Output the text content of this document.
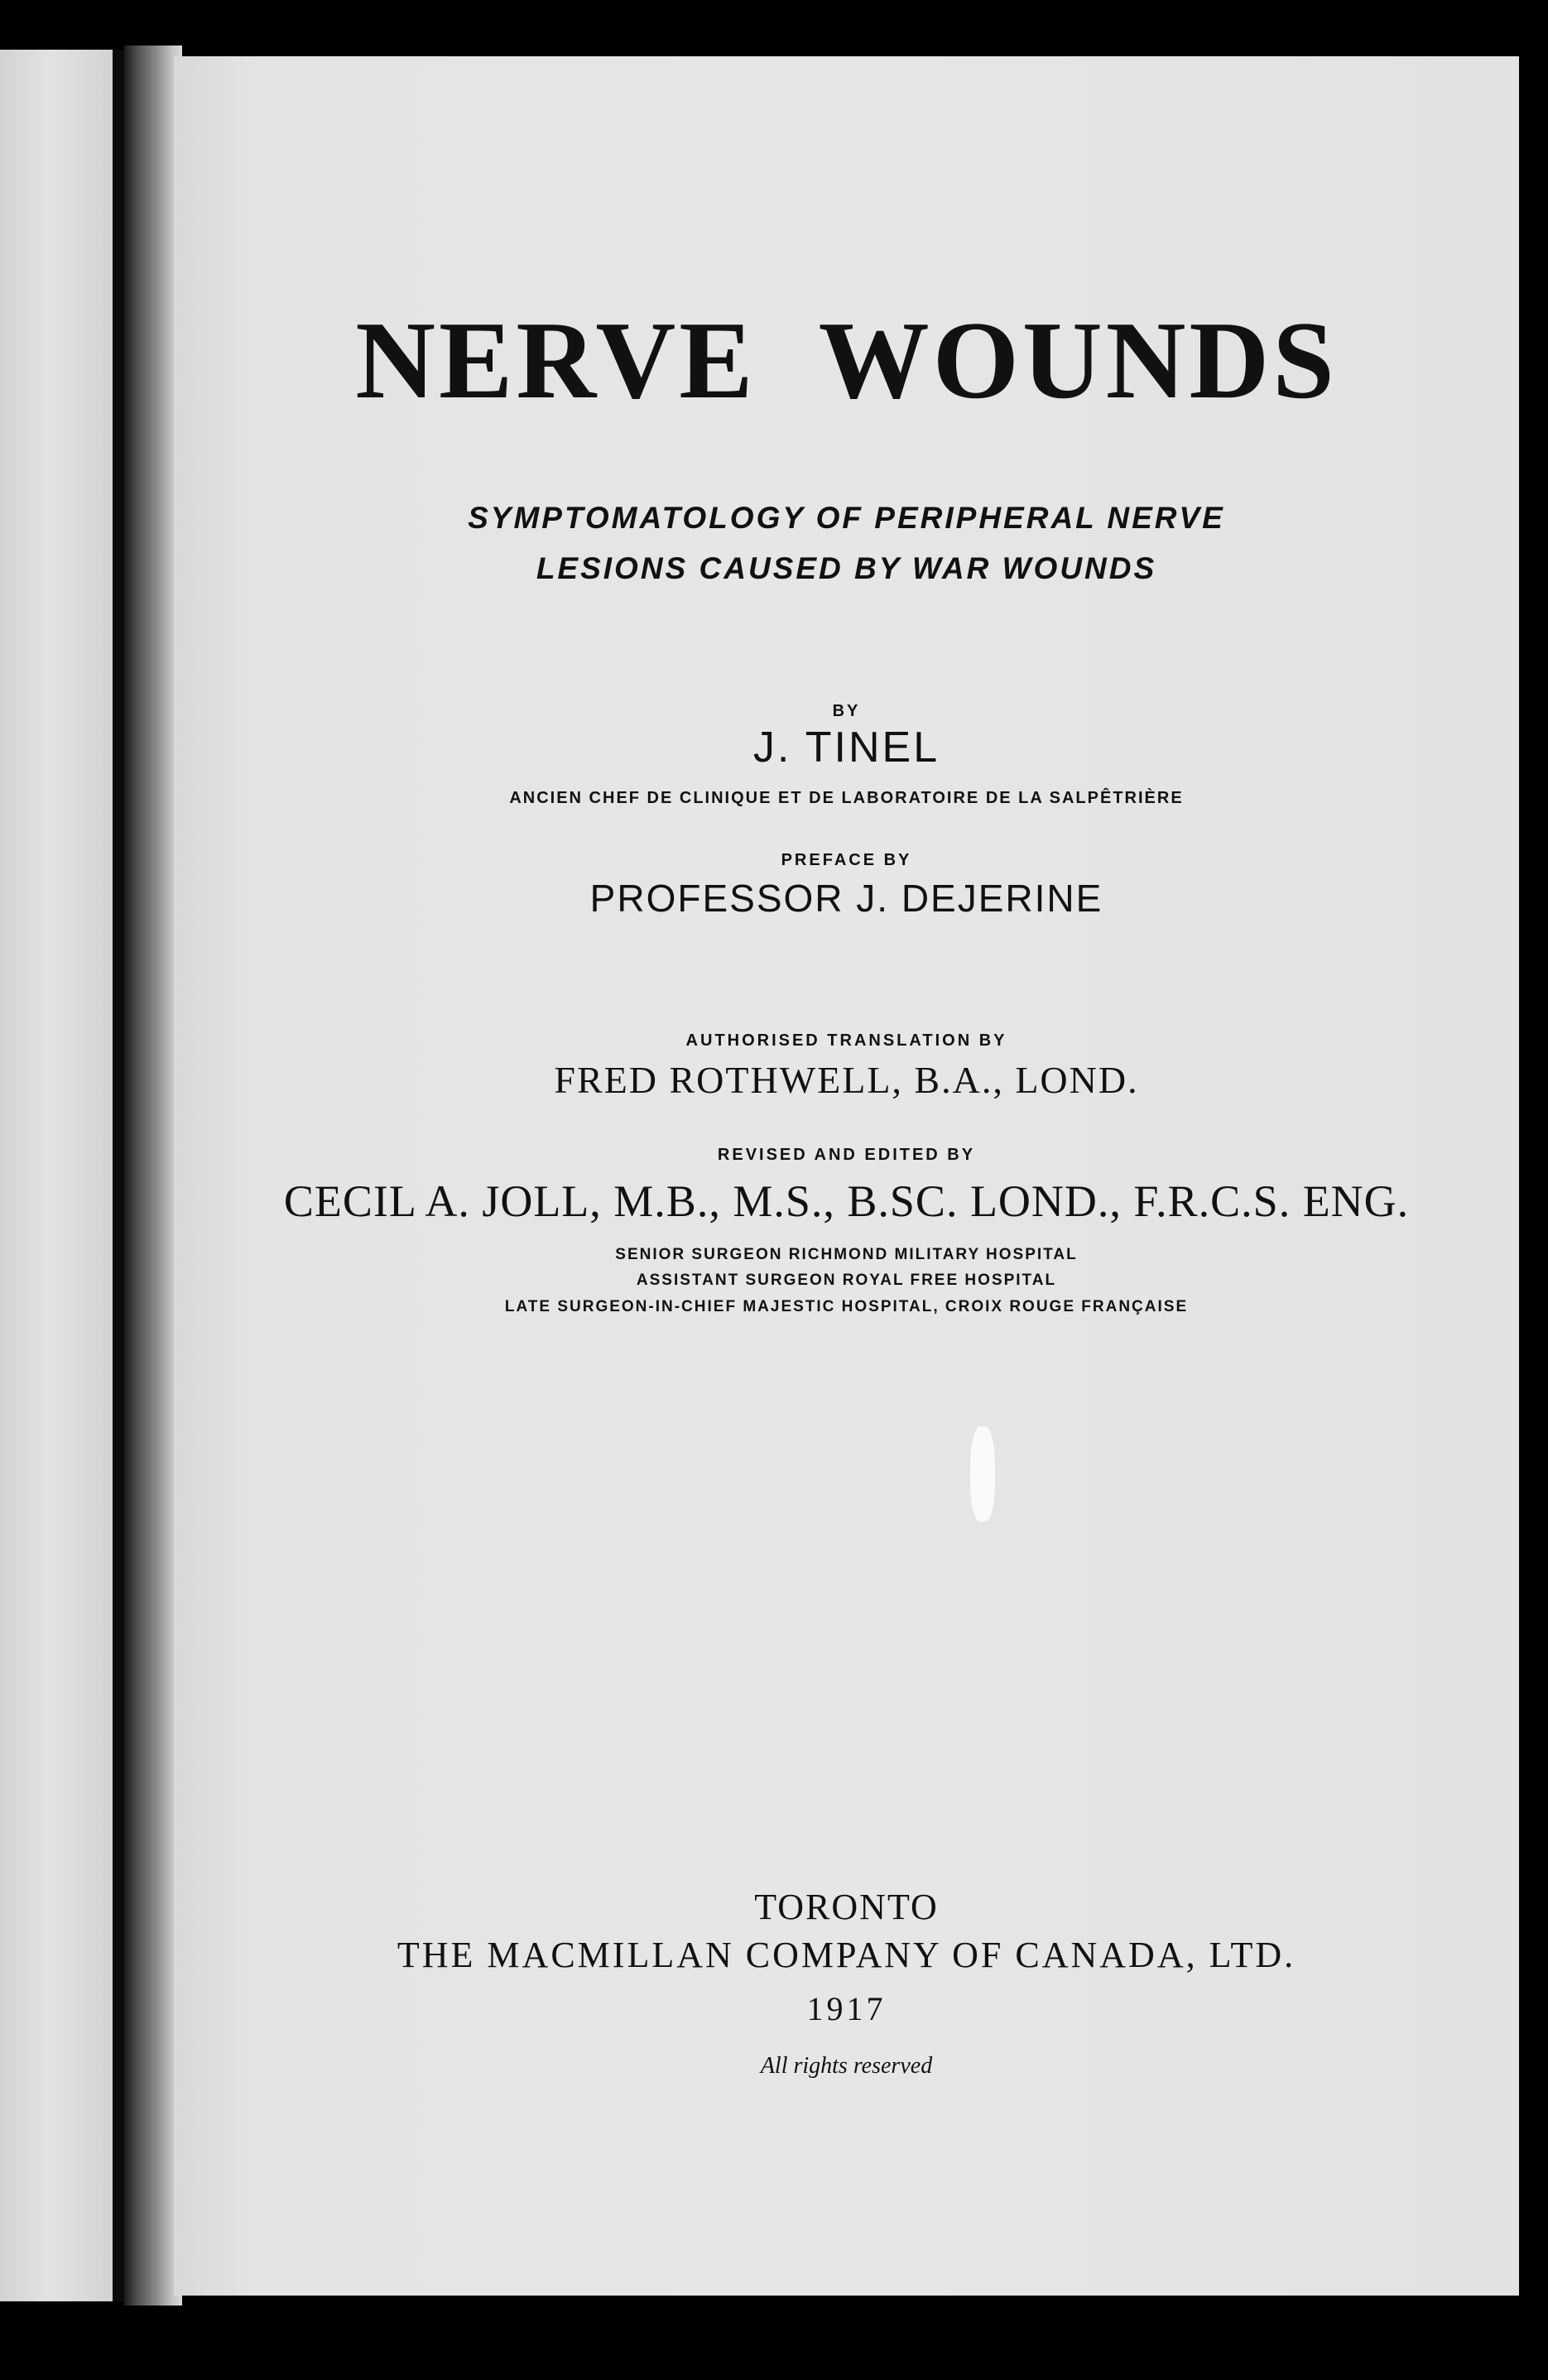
NERVE WOUNDS

SYMPTOMATOLOGY OF PERIPHERAL NERVE

LESIONS CAUSED BY WAR WOUNDS

BY

J. TINEL

ANCIEN CHEF DE CLINIQUE ET DE LABORATOIRE DE LA SALPÊTRIÈRE

PREFACE BY

PROFESSOR J. DEJERINE

AUTHORISED TRANSLATION BY

FRED ROTHWELL, B.A., LOND.

REVISED AND EDITED BY

CECIL A. JOLL, M.B., M.S., B.SC. LOND., F.R.C.S. ENG.

SENIOR SURGEON RICHMOND MILITARY HOSPITAL

ASSISTANT SURGEON ROYAL FREE HOSPITAL

LATE SURGEON-IN-CHIEF MAJESTIC HOSPITAL, CROIX ROUGE FRANÇAISE

TORONTO

THE MACMILLAN COMPANY OF CANADA, LTD.

1917

All rights reserved
